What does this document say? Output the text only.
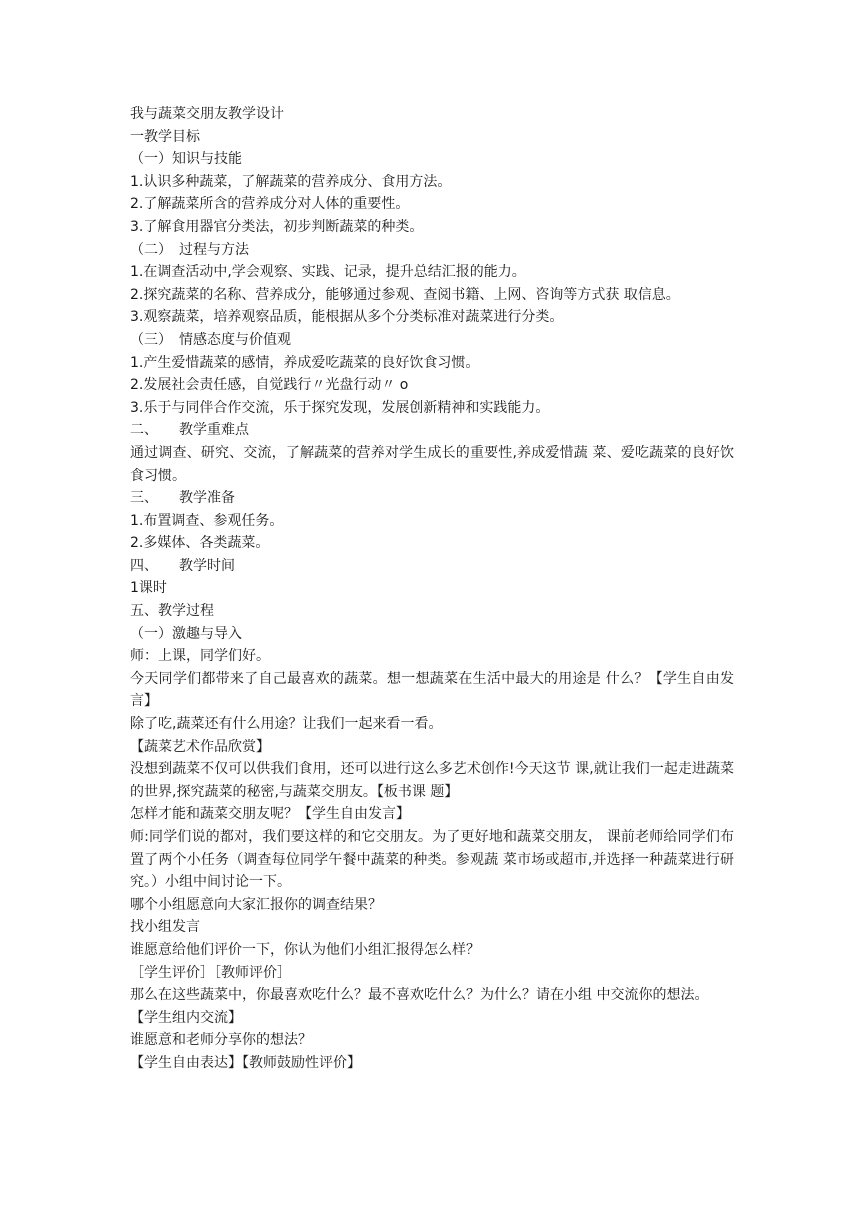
我与蔬菜交朋友教学设计
一教学目标
（一）知识与技能
1.认识多种蔬菜，了解蔬菜的营养成分、食用方法。
2.了解蔬菜所含的营养成分对人体的重要性。
3.了解食用器官分类法，初步判断蔬菜的种类。
（二）　过程与方法
1.在调查活动中,学会观察、实践、记录，提升总结汇报的能力。
2.探究蔬菜的名称、营养成分，能够通过参观、查阅书籍、上网、咨询等方式获 取信息。
3.观察蔬菜，培养观察品质，能根据从多个分类标准对蔬菜进行分类。
（三）　情感态度与价值观
1.产生爱惜蔬菜的感情，养成爱吃蔬菜的良好饮食习惯。
2.发展社会责任感，自觉践行〃光盘行动〃 o
3.乐于与同伴合作交流，乐于探究发现，发展创新精神和实践能力。
二、　　教学重难点
通过调查、研究、交流，了解蔬菜的营养对学生成长的重要性,养成爱惜蔬 菜、爱吃蔬菜的良好饮食习惯。
三、　　教学准备
1.布置调查、参观任务。
2.多媒体、各类蔬菜。
四、　　教学时间
1课时
五、教学过程
（一）激趣与导入
师：上课，同学们好。
今天同学们都带来了自己最喜欢的蔬菜。想一想蔬菜在生活中最大的用途是 什么？【学生自由发言】
除了吃,蔬菜还有什么用途？让我们一起来看一看。
【蔬菜艺术作品欣赏】
没想到蔬菜不仅可以供我们食用，还可以进行这么多艺术创作!今天这节 课,就让我们一起走进蔬菜的世界,探究蔬菜的秘密,与蔬菜交朋友。【板书课 题】
怎样才能和蔬菜交朋友呢？【学生自由发言】
师:同学们说的都对，我们要这样的和它交朋友。为了更好地和蔬菜交朋友， 课前老师给同学们布置了两个小任务（调查每位同学午餐中蔬菜的种类。参观蔬 菜市场或超市,并选择一种蔬菜进行研究。）小组中间讨论一下。
哪个小组愿意向大家汇报你的调查结果？
找小组发言
谁愿意给他们评价一下，你认为他们小组汇报得怎么样？
［学生评价］［教师评价］
那么在这些蔬菜中，你最喜欢吃什么？最不喜欢吃什么？为什么？请在小组 中交流你的想法。
【学生组内交流】
谁愿意和老师分享你的想法？
【学生自由表达】【教师鼓励性评价】
